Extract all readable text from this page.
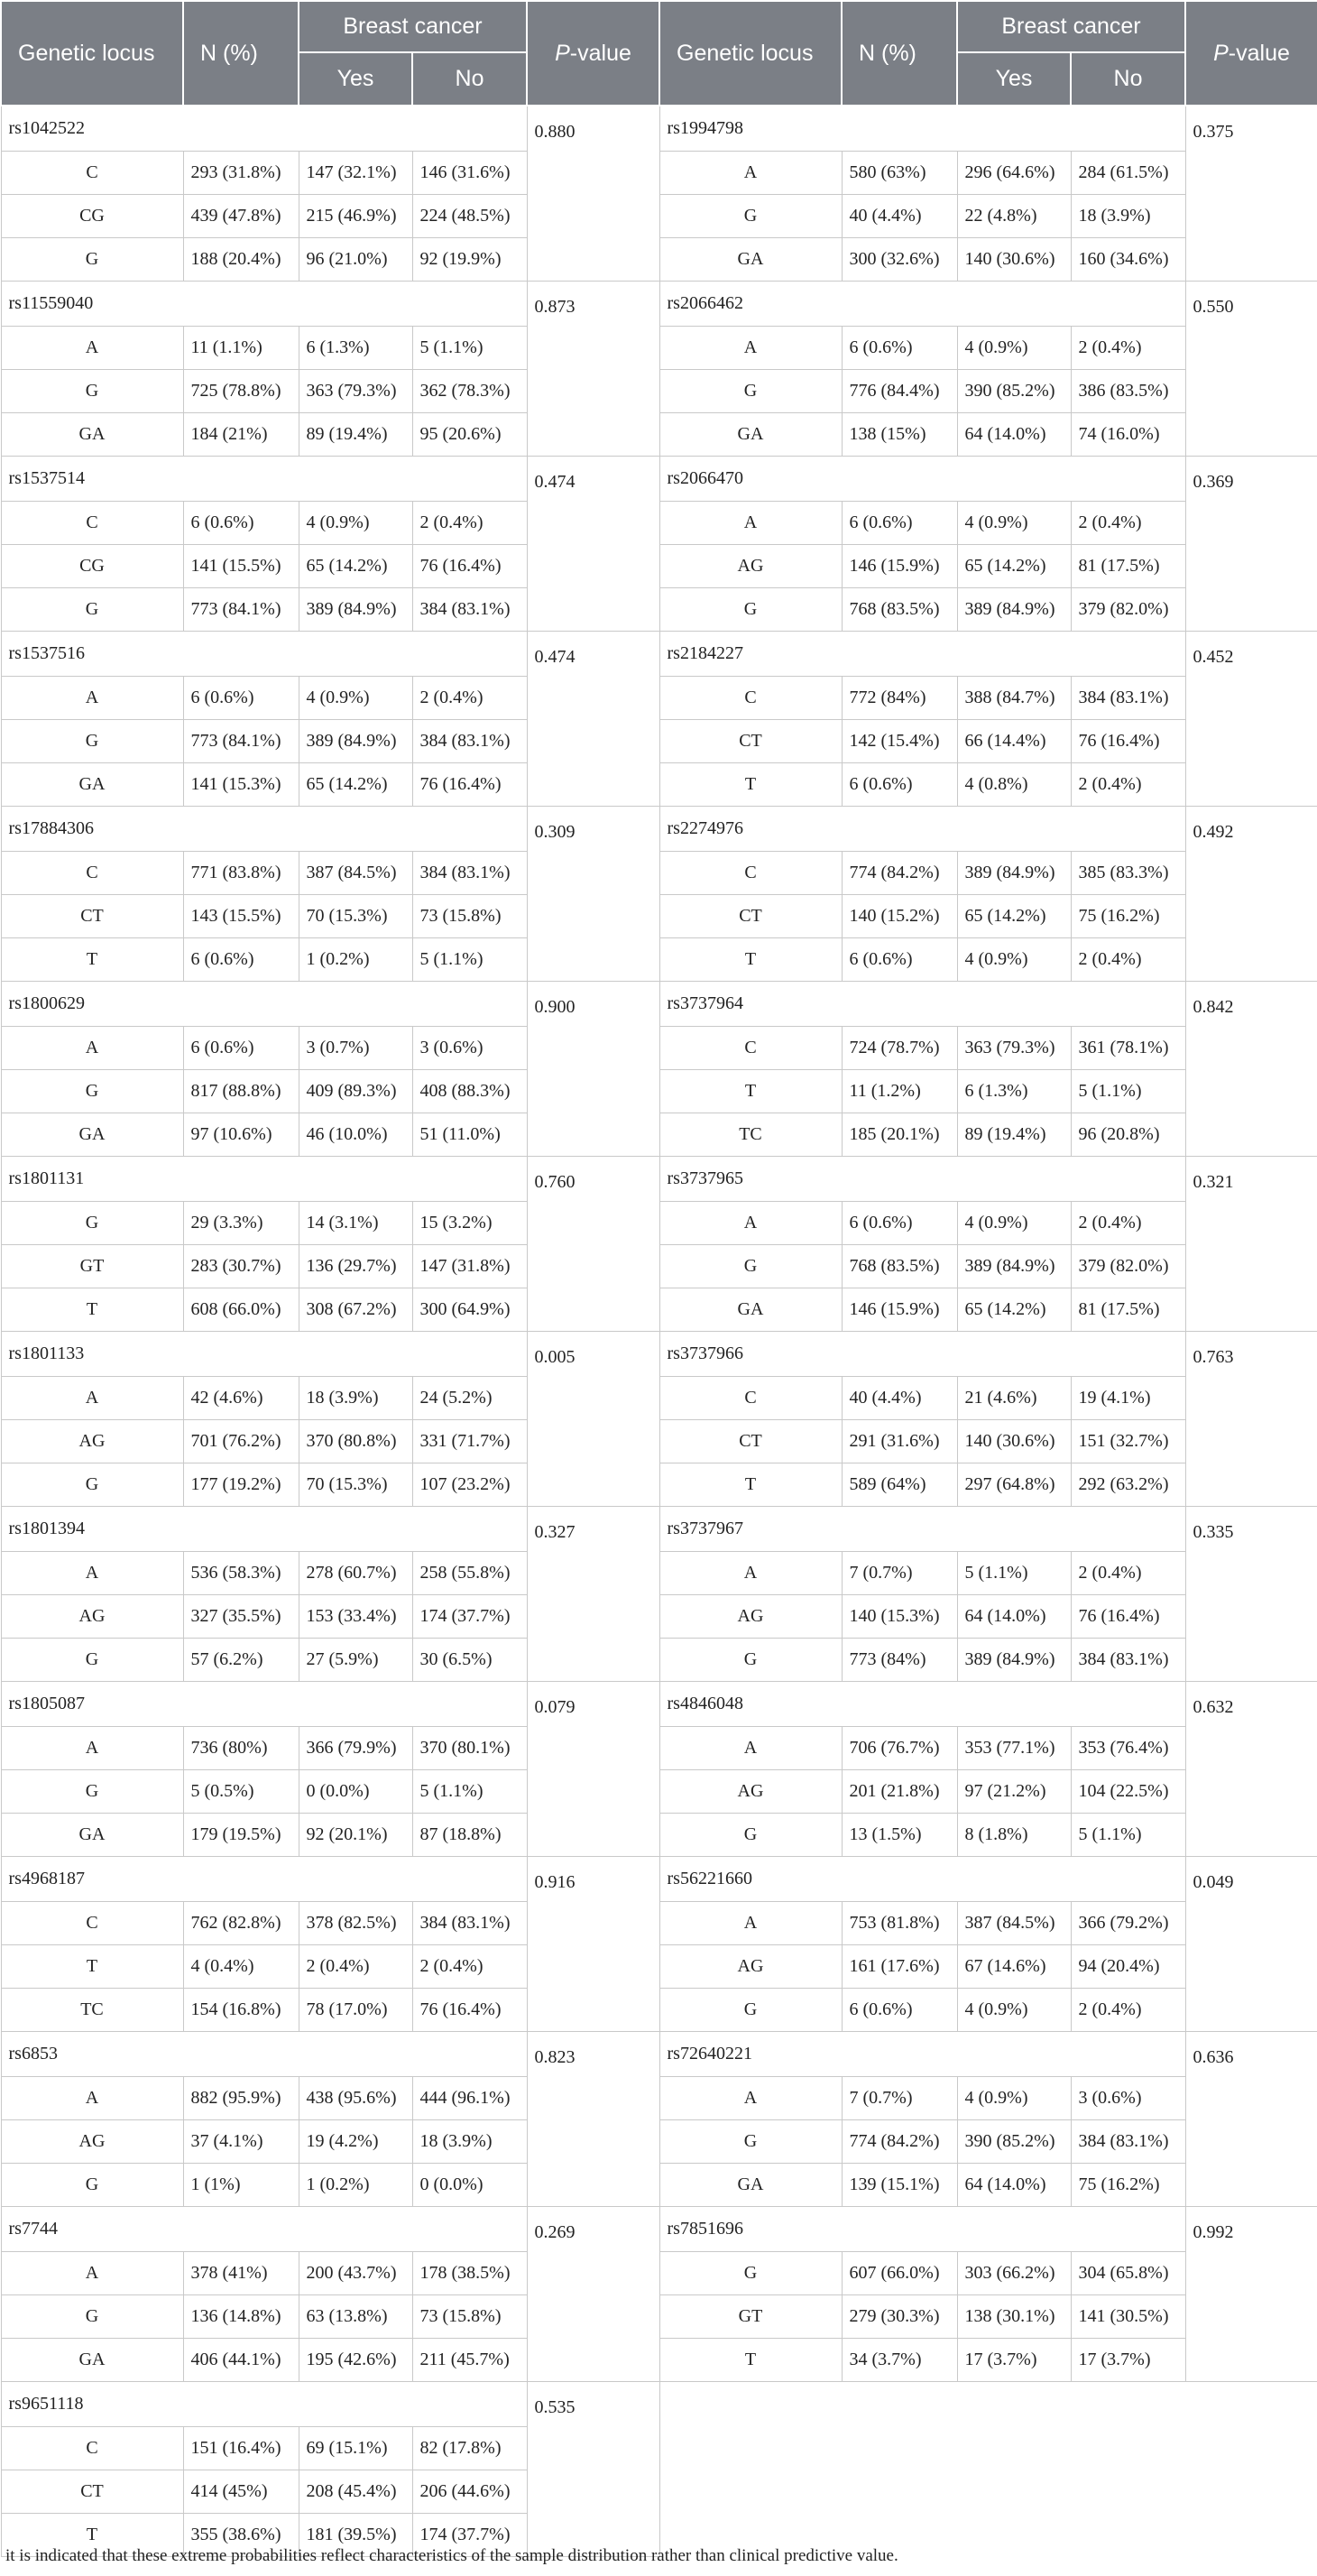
Genetic locus	N (%)	Breast cancer		P-value	Genetic locus	N (%)	Breast cancer		P-value
		Yes	No				Yes	No	
rs1042522				0.880	rs1994798				0.375
C	293 (31.8%)	147 (32.1%)	146 (31.6%)		A	580 (63%)	296 (64.6%)	284 (61.5%)	
CG	439 (47.8%)	215 (46.9%)	224 (48.5%)		G	40 (4.4%)	22 (4.8%)	18 (3.9%)	
G	188 (20.4%)	96 (21.0%)	92 (19.9%)		GA	300 (32.6%)	140 (30.6%)	160 (34.6%)	
rs11559040				0.873	rs2066462				0.550
A	11 (1.1%)	6 (1.3%)	5 (1.1%)		A	6 (0.6%)	4 (0.9%)	2 (0.4%)	
G	725 (78.8%)	363 (79.3%)	362 (78.3%)		G	776 (84.4%)	390 (85.2%)	386 (83.5%)	
GA	184 (21%)	89 (19.4%)	95 (20.6%)		GA	138 (15%)	64 (14.0%)	74 (16.0%)	
rs1537514				0.474	rs2066470				0.369
C	6 (0.6%)	4 (0.9%)	2 (0.4%)		A	6 (0.6%)	4 (0.9%)	2 (0.4%)	
CG	141 (15.5%)	65 (14.2%)	76 (16.4%)		AG	146 (15.9%)	65 (14.2%)	81 (17.5%)	
G	773 (84.1%)	389 (84.9%)	384 (83.1%)		G	768 (83.5%)	389 (84.9%)	379 (82.0%)	
rs1537516				0.474	rs2184227				0.452
A	6 (0.6%)	4 (0.9%)	2 (0.4%)		C	772 (84%)	388 (84.7%)	384 (83.1%)	
G	773 (84.1%)	389 (84.9%)	384 (83.1%)		CT	142 (15.4%)	66 (14.4%)	76 (16.4%)	
GA	141 (15.3%)	65 (14.2%)	76 (16.4%)		T	6 (0.6%)	4 (0.8%)	2 (0.4%)	
rs17884306				0.309	rs2274976				0.492
C	771 (83.8%)	387 (84.5%)	384 (83.1%)		C	774 (84.2%)	389 (84.9%)	385 (83.3%)	
CT	143 (15.5%)	70 (15.3%)	73 (15.8%)		CT	140 (15.2%)	65 (14.2%)	75 (16.2%)	
T	6 (0.6%)	1 (0.2%)	5 (1.1%)		T	6 (0.6%)	4 (0.9%)	2 (0.4%)	
rs1800629				0.900	rs3737964				0.842
A	6 (0.6%)	3 (0.7%)	3 (0.6%)		C	724 (78.7%)	363 (79.3%)	361 (78.1%)	
G	817 (88.8%)	409 (89.3%)	408 (88.3%)		T	11 (1.2%)	6 (1.3%)	5 (1.1%)	
GA	97 (10.6%)	46 (10.0%)	51 (11.0%)		TC	185 (20.1%)	89 (19.4%)	96 (20.8%)	
rs1801131				0.760	rs3737965				0.321
G	29 (3.3%)	14 (3.1%)	15 (3.2%)		A	6 (0.6%)	4 (0.9%)	2 (0.4%)	
GT	283 (30.7%)	136 (29.7%)	147 (31.8%)		G	768 (83.5%)	389 (84.9%)	379 (82.0%)	
T	608 (66.0%)	308 (67.2%)	300 (64.9%)		GA	146 (15.9%)	65 (14.2%)	81 (17.5%)	
rs1801133				0.005	rs3737966				0.763
A	42 (4.6%)	18 (3.9%)	24 (5.2%)		C	40 (4.4%)	21 (4.6%)	19 (4.1%)	
AG	701 (76.2%)	370 (80.8%)	331 (71.7%)		CT	291 (31.6%)	140 (30.6%)	151 (32.7%)	
G	177 (19.2%)	70 (15.3%)	107 (23.2%)		T	589 (64%)	297 (64.8%)	292 (63.2%)	
rs1801394				0.327	rs3737967				0.335
A	536 (58.3%)	278 (60.7%)	258 (55.8%)		A	7 (0.7%)	5 (1.1%)	2 (0.4%)	
AG	327 (35.5%)	153 (33.4%)	174 (37.7%)		AG	140 (15.3%)	64 (14.0%)	76 (16.4%)	
G	57 (6.2%)	27 (5.9%)	30 (6.5%)		G	773 (84%)	389 (84.9%)	384 (83.1%)	
rs1805087				0.079	rs4846048				0.632
A	736 (80%)	366 (79.9%)	370 (80.1%)		A	706 (76.7%)	353 (77.1%)	353 (76.4%)	
G	5 (0.5%)	0 (0.0%)	5 (1.1%)		AG	201 (21.8%)	97 (21.2%)	104 (22.5%)	
GA	179 (19.5%)	92 (20.1%)	87 (18.8%)		G	13 (1.5%)	8 (1.8%)	5 (1.1%)	
rs4968187				0.916	rs56221660				0.049
C	762 (82.8%)	378 (82.5%)	384 (83.1%)		A	753 (81.8%)	387 (84.5%)	366 (79.2%)	
T	4 (0.4%)	2 (0.4%)	2 (0.4%)		AG	161 (17.6%)	67 (14.6%)	94 (20.4%)	
TC	154 (16.8%)	78 (17.0%)	76 (16.4%)		G	6 (0.6%)	4 (0.9%)	2 (0.4%)	
rs6853				0.823	rs72640221				0.636
A	882 (95.9%)	438 (95.6%)	444 (96.1%)		A	7 (0.7%)	4 (0.9%)	3 (0.6%)	
AG	37 (4.1%)	19 (4.2%)	18 (3.9%)		G	774 (84.2%)	390 (85.2%)	384 (83.1%)	
G	1 (1%)	1 (0.2%)	0 (0.0%)		GA	139 (15.1%)	64 (14.0%)	75 (16.2%)	
rs7744				0.269	rs7851696				0.992
A	378 (41%)	200 (43.7%)	178 (38.5%)		G	607 (66.0%)	303 (66.2%)	304 (65.8%)	
G	136 (14.8%)	63 (13.8%)	73 (15.8%)		GT	279 (30.3%)	138 (30.1%)	141 (30.5%)	
GA	406 (44.1%)	195 (42.6%)	211 (45.7%)		T	34 (3.7%)	17 (3.7%)	17 (3.7%)	
rs9651118				0.535					
C	151 (16.4%)	69 (15.1%)	82 (17.8%)						
CT	414 (45%)	208 (45.4%)	206 (44.6%)						
T	355 (38.6%)	181 (39.5%)	174 (37.7%)						
it is indicated that these extreme probabilities reflect characteristics of the sample distribution rather than clinical predictive value.
